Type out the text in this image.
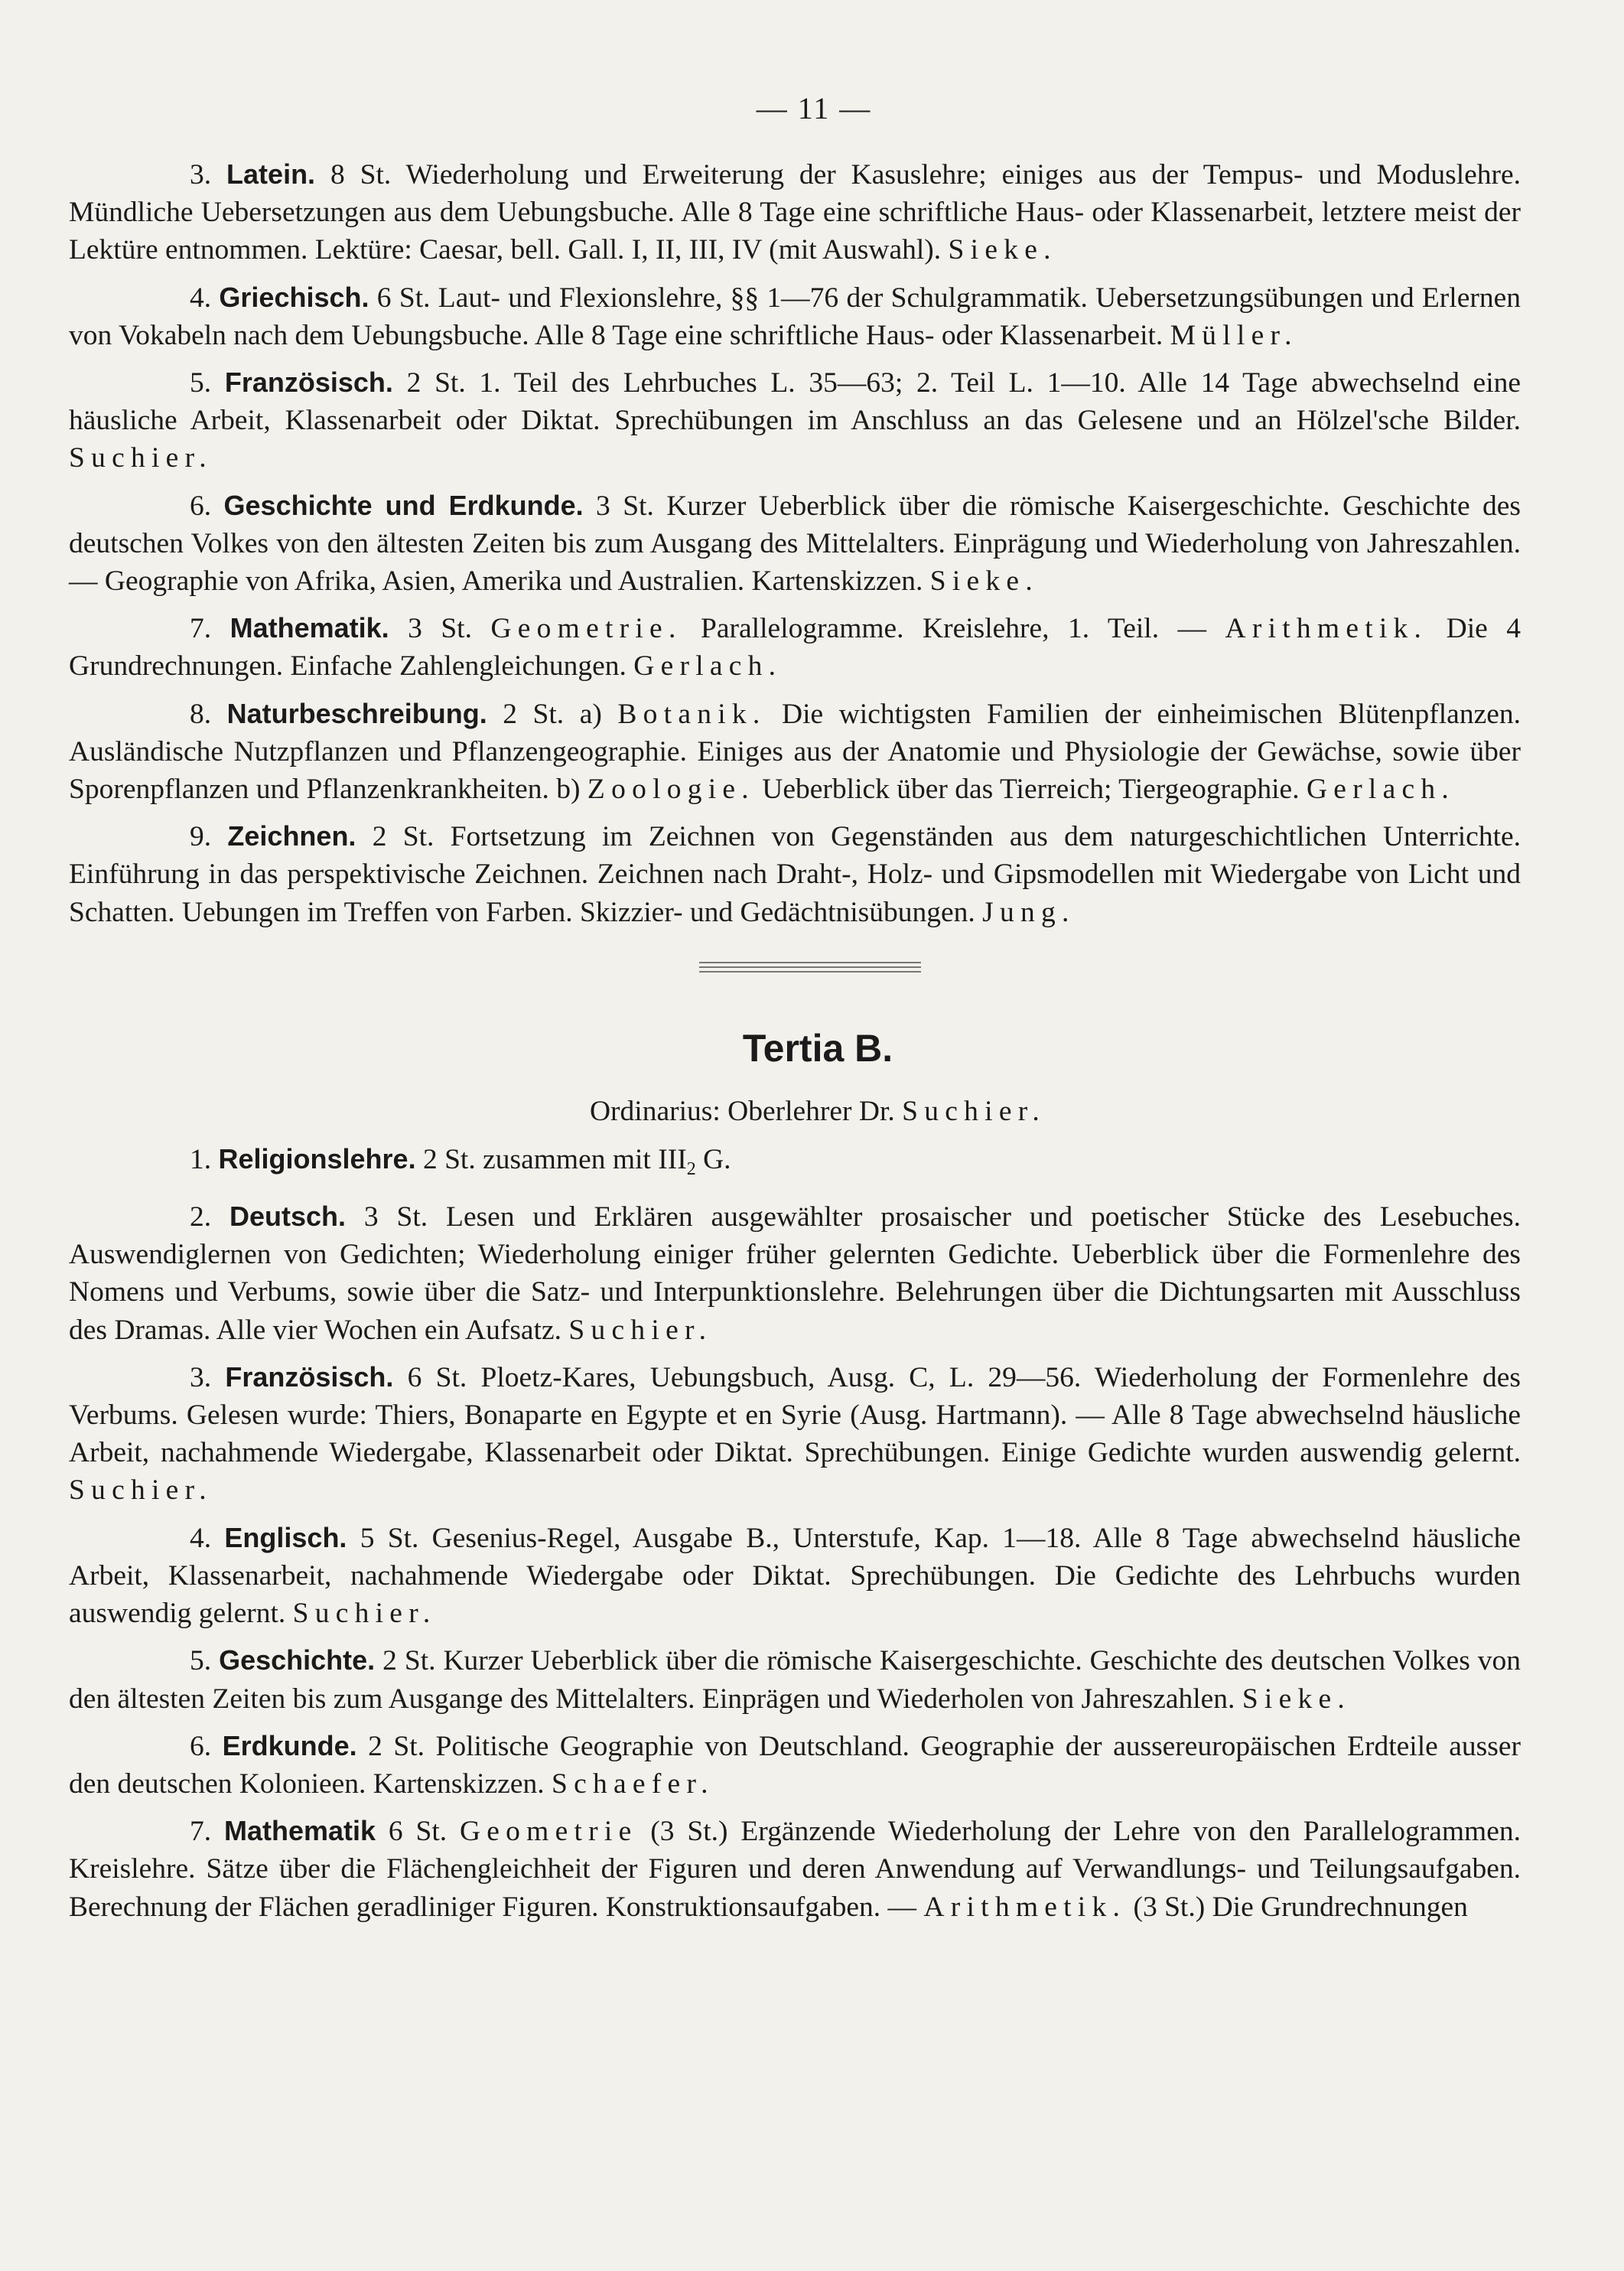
— 11 —

3. Latein. 8 St. Wiederholung und Erweiterung der Kasuslehre; einiges aus der Tempus- und Moduslehre. Mündliche Uebersetzungen aus dem Uebungsbuche. Alle 8 Tage eine schriftliche Haus- oder Klassenarbeit, letztere meist der Lektüre entnommen. Lektüre: Caesar, bell. Gall. I, II, III, IV (mit Auswahl). Sieke.

4. Griechisch. 6 St. Laut- und Flexionslehre, §§ 1—76 der Schulgrammatik. Uebersetzungsübungen und Erlernen von Vokabeln nach dem Uebungsbuche. Alle 8 Tage eine schriftliche Haus- oder Klassenarbeit. Müller.

5. Französisch. 2 St. 1. Teil des Lehrbuches L. 35—63; 2. Teil L. 1—10. Alle 14 Tage abwechselnd eine häusliche Arbeit, Klassenarbeit oder Diktat. Sprechübungen im Anschluss an das Gelesene und an Hölzel'sche Bilder. Suchier.

6. Geschichte und Erdkunde. 3 St. Kurzer Ueberblick über die römische Kaisergeschichte. Geschichte des deutschen Volkes von den ältesten Zeiten bis zum Ausgang des Mittelalters. Einprägung und Wiederholung von Jahreszahlen. — Geographie von Afrika, Asien, Amerika und Australien. Kartenskizzen. Sieke.

7. Mathematik. 3 St. Geometrie. Parallelogramme. Kreislehre, 1. Teil. — Arithmetik. Die 4 Grundrechnungen. Einfache Zahlengleichungen. Gerlach.

8. Naturbeschreibung. 2 St. a) Botanik. Die wichtigsten Familien der einheimischen Blütenpflanzen. Ausländische Nutzpflanzen und Pflanzengeographie. Einiges aus der Anatomie und Physiologie der Gewächse, sowie über Sporenpflanzen und Pflanzenkrankheiten. b) Zoologie. Ueberblick über das Tierreich; Tiergeographie. Gerlach.

9. Zeichnen. 2 St. Fortsetzung im Zeichnen von Gegenständen aus dem naturgeschichtlichen Unterrichte. Einführung in das perspektivische Zeichnen. Zeichnen nach Draht-, Holz- und Gipsmodellen mit Wiedergabe von Licht und Schatten. Uebungen im Treffen von Farben. Skizzier- und Gedächtnisübungen. Jung.

Tertia B.
Ordinarius: Oberlehrer Dr. Suchier.

1. Religionslehre. 2 St. zusammen mit $III_2$ G.

2. Deutsch. 3 St. Lesen und Erklären ausgewählter prosaischer und poetischer Stücke des Lesebuches. Auswendiglernen von Gedichten; Wiederholung einiger früher gelernten Gedichte. Ueberblick über die Formenlehre des Nomens und Verbums, sowie über die Satz- und Interpunktionslehre. Belehrungen über die Dichtungsarten mit Ausschluss des Dramas. Alle vier Wochen ein Aufsatz. Suchier.

3. Französisch. 6 St. Ploetz-Kares, Uebungsbuch, Ausg. C, L. 29—56. Wiederholung der Formenlehre des Verbums. Gelesen wurde: Thiers, Bonaparte en Egypte et en Syrie (Ausg. Hartmann). — Alle 8 Tage abwechselnd häusliche Arbeit, nachahmende Wiedergabe, Klassenarbeit oder Diktat. Sprechübungen. Einige Gedichte wurden auswendig gelernt. Suchier.

4. Englisch. 5 St. Gesenius-Regel, Ausgabe B., Unterstufe, Kap. 1—18. Alle 8 Tage abwechselnd häusliche Arbeit, Klassenarbeit, nachahmende Wiedergabe oder Diktat. Sprechübungen. Die Gedichte des Lehrbuchs wurden auswendig gelernt. Suchier.

5. Geschichte. 2 St. Kurzer Ueberblick über die römische Kaisergeschichte. Geschichte des deutschen Volkes von den ältesten Zeiten bis zum Ausgange des Mittelalters. Einprägen und Wiederholen von Jahreszahlen. Sieke.

6. Erdkunde. 2 St. Politische Geographie von Deutschland. Geographie der aussereuropäischen Erdteile ausser den deutschen Kolonieen. Kartenskizzen. Schaefer.

7. Mathematik 6 St. Geometrie (3 St.) Ergänzende Wiederholung der Lehre von den Parallelogrammen. Kreislehre. Sätze über die Flächengleichheit der Figuren und deren Anwendung auf Verwandlungs- und Teilungsaufgaben. Berechnung der Flächen geradliniger Figuren. Konstruktionsaufgaben. — Arithmetik. (3 St.) Die Grundrechnungen
